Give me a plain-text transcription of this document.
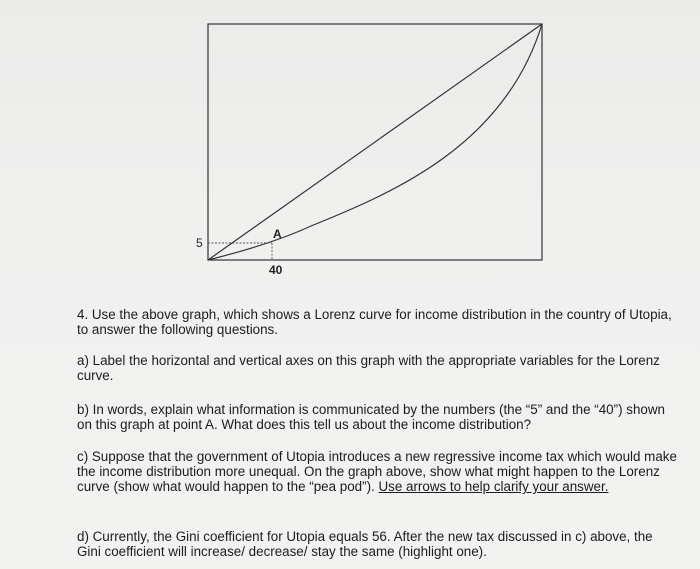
5
40
A

4. Use the above graph, which shows a Lorenz curve for income distribution in the country of Utopia, to answer the following questions.

a) Label the horizontal and vertical axes on this graph with the appropriate variables for the Lorenz curve.

b) In words, explain what information is communicated by the numbers (the “5” and the “40”) shown on this graph at point A. What does this tell us about the income distribution?

c) Suppose that the government of Utopia introduces a new regressive income tax which would make the income distribution more unequal. On the graph above, show what might happen to the Lorenz curve (show what would happen to the “pea pod”). Use arrows to help clarify your answer.

d) Currently, the Gini coefficient for Utopia equals 56. After the new tax discussed in c) above, the Gini coefficient will increase/ decrease/ stay the same (highlight one).
